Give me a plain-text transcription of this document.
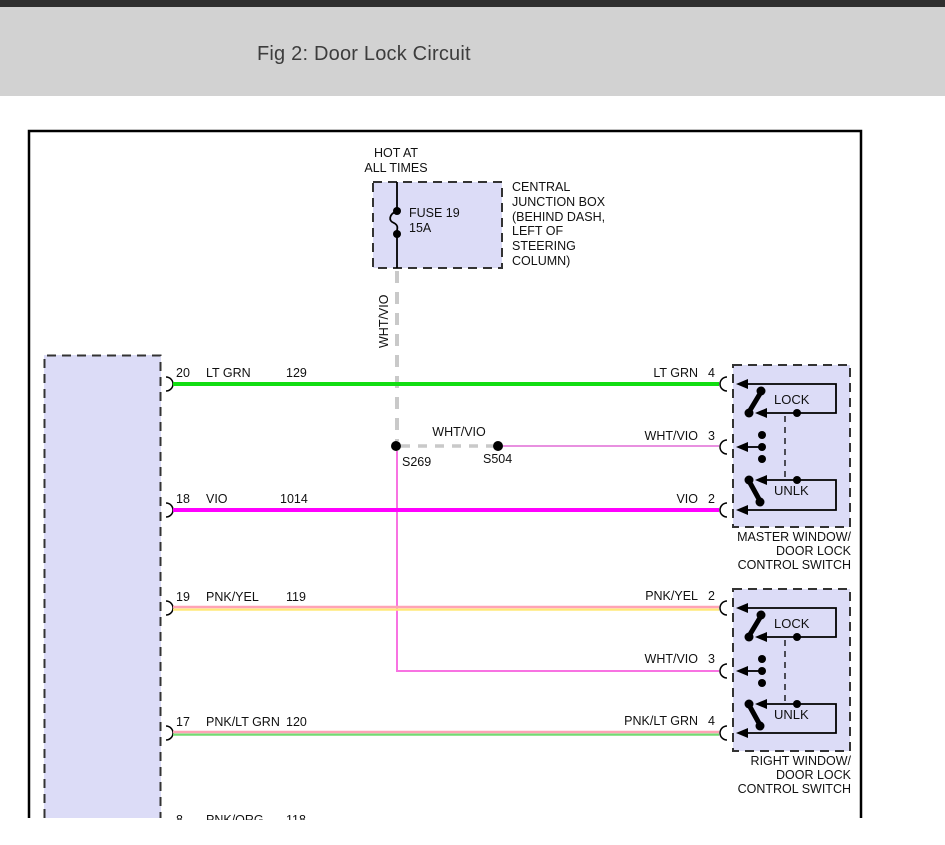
Fig 2: Door Lock Circuit
HOT AT
ALL TIMES
FUSE 19
15A
CENTRAL
JUNCTION BOX
(BEHIND DASH,
LEFT OF
STEERING
COLUMN)
WHT/VIO
20 LT GRN	129	LT GRN 4
WHT/VIO
S269	S504
WHT/VIO 3
WHT/VIO 3
18 VIO	1014	VIO 2
19 PNK/YEL 119	PNK/YEL 2
17 PNK/LT GRN 120	PNK/LT GRN 4
LOCK
UNLK
MASTER WINDOW/
DOOR LOCK
CONTROL SWITCH
LOCK
UNLK
RIGHT WINDOW/
DOOR LOCK
CONTROL SWITCH
